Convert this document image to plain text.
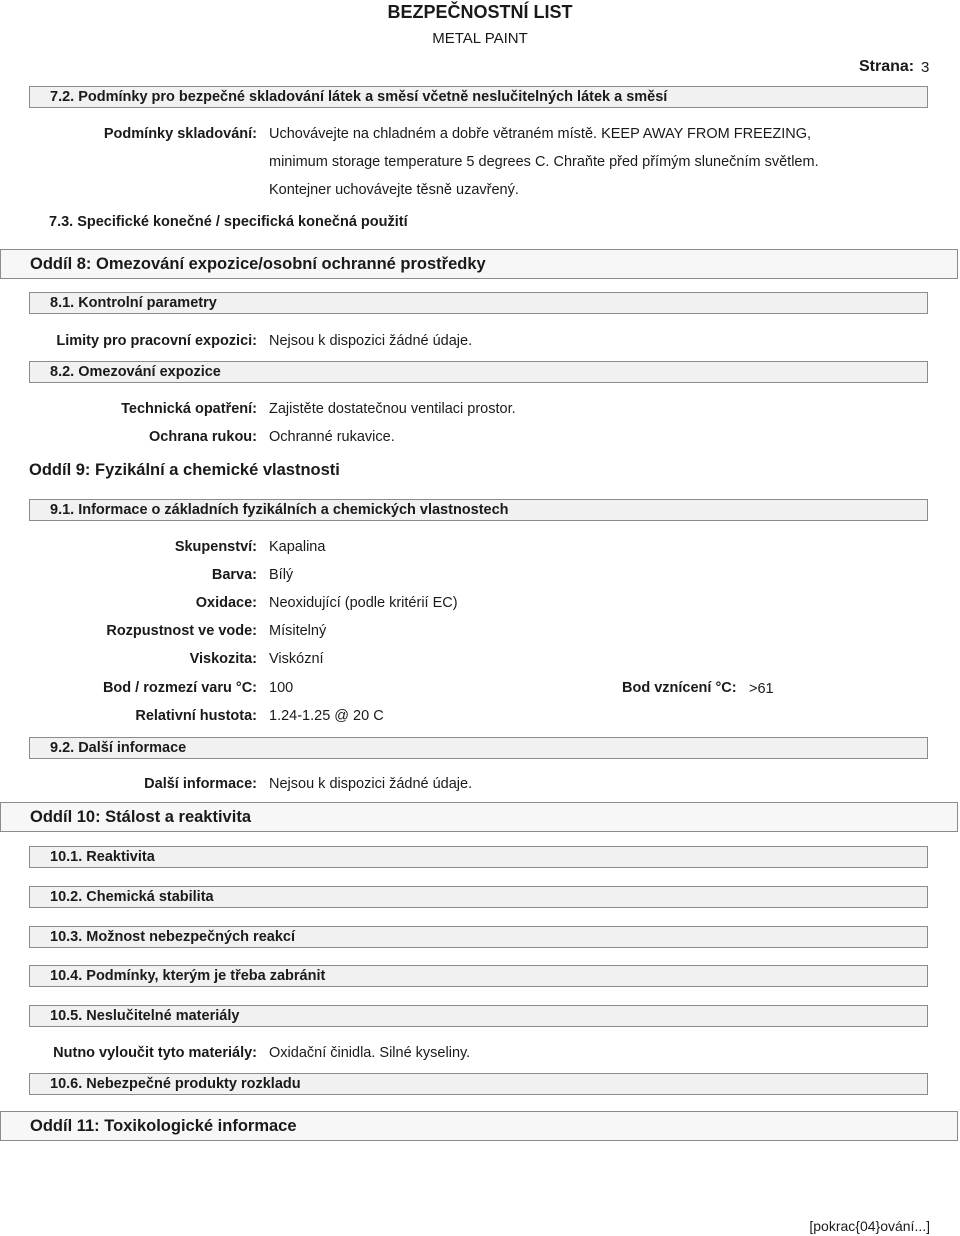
BEZPEČNOSTNÍ LIST
METAL PAINT
Strana: 3
7.2. Podmínky pro bezpečné skladování látek a směsí včetně neslučitelných látek a směsí
Podmínky skladování: Uchovávejte na chladném a dobře větraném místě. KEEP AWAY FROM FREEZING,
minimum storage temperature 5 degrees C. Chraňte před přímým slunečním světlem.
Kontejner uchovávejte těsně uzavřený.
7.3. Specifické konečné / specifická konečná použití
Oddíl 8: Omezování expozice/osobní ochranné prostředky
8.1. Kontrolní parametry
Limity pro pracovní expozici: Nejsou k dispozici žádné údaje.
8.2. Omezování expozice
Technická opatření: Zajistěte dostatečnou ventilaci prostor.
Ochrana rukou: Ochranné rukavice.
Oddíl 9: Fyzikální a chemické vlastnosti
9.1. Informace o základních fyzikálních a chemických vlastnostech
Skupenství: Kapalina
Barva: Bílý
Oxidace: Neoxidující (podle kritérií EC)
Rozpustnost ve vode: Mísitelný
Viskozita: Viskózní
Bod / rozmezí varu °C: 100	Bod vznícení °C: >61
Relativní hustota: 1.24-1.25 @ 20 C
9.2. Další informace
Další informace: Nejsou k dispozici žádné údaje.
Oddíl 10: Stálost a reaktivita
10.1. Reaktivita
10.2. Chemická stabilita
10.3. Možnost nebezpečných reakcí
10.4. Podmínky, kterým je třeba zabránit
10.5. Neslučitelné materiály
Nutno vyloučit tyto materiály: Oxidační činidla. Silné kyseliny.
10.6. Nebezpečné produkty rozkladu
Oddíl 11: Toxikologické informace
[pokrac{04}ování...]
